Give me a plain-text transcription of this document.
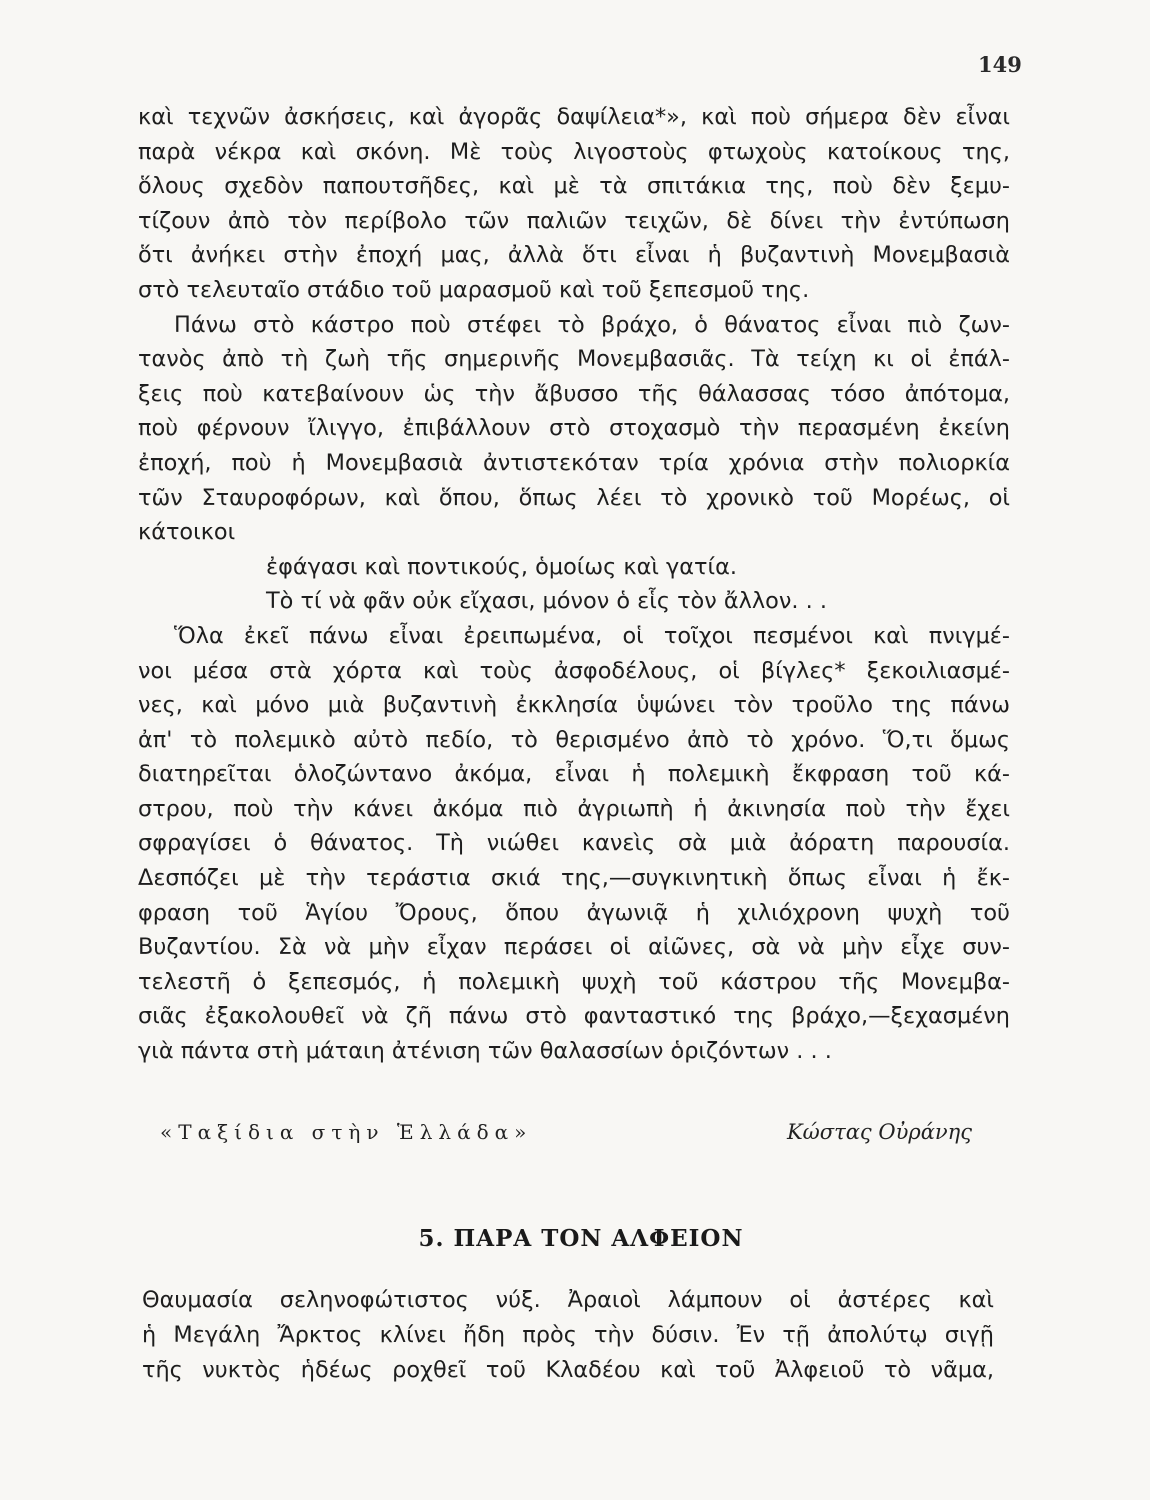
149
καὶ τεχνῶν ἀσκήσεις, καὶ ἀγορᾶς δαψίλεια*», καὶ ποὺ σήμερα δὲν εἶναι
παρὰ νέκρα καὶ σκόνη. Μὲ τοὺς λιγοστοὺς φτωχοὺς κατοίκους της,
ὅλους σχεδὸν παπουτσῆδες, καὶ μὲ τὰ σπιτάκια της, ποὺ δὲν ξεμυ-
τίζουν ἀπὸ τὸν περίβολο τῶν παλιῶν τειχῶν, δὲ δίνει τὴν ἐντύπωση
ὅτι ἀνήκει στὴν ἐποχή μας, ἀλλὰ ὅτι εἶναι ἡ βυζαντινὴ Μονεμβασιὰ
στὸ τελευταῖο στάδιο τοῦ μαρασμοῦ καὶ τοῦ ξεπεσμοῦ της.
Πάνω στὸ κάστρο ποὺ στέφει τὸ βράχο, ὁ θάνατος εἶναι πιὸ ζων-
τανὸς ἀπὸ τὴ ζωὴ τῆς σημερινῆς Μονεμβασιᾶς. Τὰ τείχη κι οἱ ἐπάλ-
ξεις ποὺ κατεβαίνουν ὡς τὴν ἄβυσσο τῆς θάλασσας τόσο ἀπότομα,
ποὺ φέρνουν ἴλιγγο, ἐπιβάλλουν στὸ στοχασμὸ τὴν περασμένη ἐκείνη
ἐποχή, ποὺ ἡ Μονεμβασιὰ ἀντιστεκόταν τρία χρόνια στὴν πολιορκία
τῶν Σταυροφόρων, καὶ ὅπου, ὅπως λέει τὸ χρονικὸ τοῦ Μορέως, οἱ
κάτοικοι
ἐφάγασι καὶ ποντικούς, ὁμοίως καὶ γατία.
Τὸ τί νὰ φᾶν οὐκ εἴχασι, μόνον ὁ εἷς τὸν ἄλλον. . .
Ὅλα ἐκεῖ πάνω εἶναι ἐρειπωμένα, οἱ τοῖχοι πεσμένοι καὶ πνιγμέ-
νοι μέσα στὰ χόρτα καὶ τοὺς ἀσφοδέλους, οἱ βίγλες* ξεκοιλιασμέ-
νες, καὶ μόνο μιὰ βυζαντινὴ ἐκκλησία ὑψώνει τὸν τροῦλο της πάνω
ἀπ' τὸ πολεμικὸ αὐτὸ πεδίο, τὸ θερισμένο ἀπὸ τὸ χρόνο. Ὅ,τι ὅμως
διατηρεῖται ὁλοζώντανο ἀκόμα, εἶναι ἡ πολεμικὴ ἔκφραση τοῦ κά-
στρου, ποὺ τὴν κάνει ἀκόμα πιὸ ἀγριωπὴ ἡ ἀκινησία ποὺ τὴν ἔχει
σφραγίσει ὁ θάνατος. Τὴ νιώθει κανεὶς σὰ μιὰ ἀόρατη παρουσία.
Δεσπόζει μὲ τὴν τεράστια σκιά της,—συγκινητικὴ ὅπως εἶναι ἡ ἔκ-
φραση τοῦ Ἁγίου Ὄρους, ὅπου ἀγωνιᾷ ἡ χιλιόχρονη ψυχὴ τοῦ
Βυζαντίου. Σὰ νὰ μὴν εἶχαν περάσει οἱ αἰῶνες, σὰ νὰ μὴν εἶχε συν-
τελεστῆ ὁ ξεπεσμός, ἡ πολεμικὴ ψυχὴ τοῦ κάστρου τῆς Μονεμβα-
σιᾶς ἐξακολουθεῖ νὰ ζῆ πάνω στὸ φανταστικό της βράχο,—ξεχασμένη
γιὰ πάντα στὴ μάταιη ἀτένιση τῶν θαλασσίων ὁριζόντων . . .
«Ταξίδια στὴν Ἑλλάδα»	Κώστας Οὐράνης
5. ΠΑΡΑ ΤΟΝ ΑΛΦΕΙΟΝ
Θαυμασία σεληνοφώτιστος νύξ. Ἀραιοὶ λάμπουν οἱ ἀστέρες καὶ
ἡ Μεγάλη Ἄρκτος κλίνει ἤδη πρὸς τὴν δύσιν. Ἐν τῇ ἀπολύτῳ σιγῇ
τῆς νυκτὸς ἡδέως ροχθεῖ τοῦ Κλαδέου καὶ τοῦ Ἀλφειοῦ τὸ νᾶμα,
